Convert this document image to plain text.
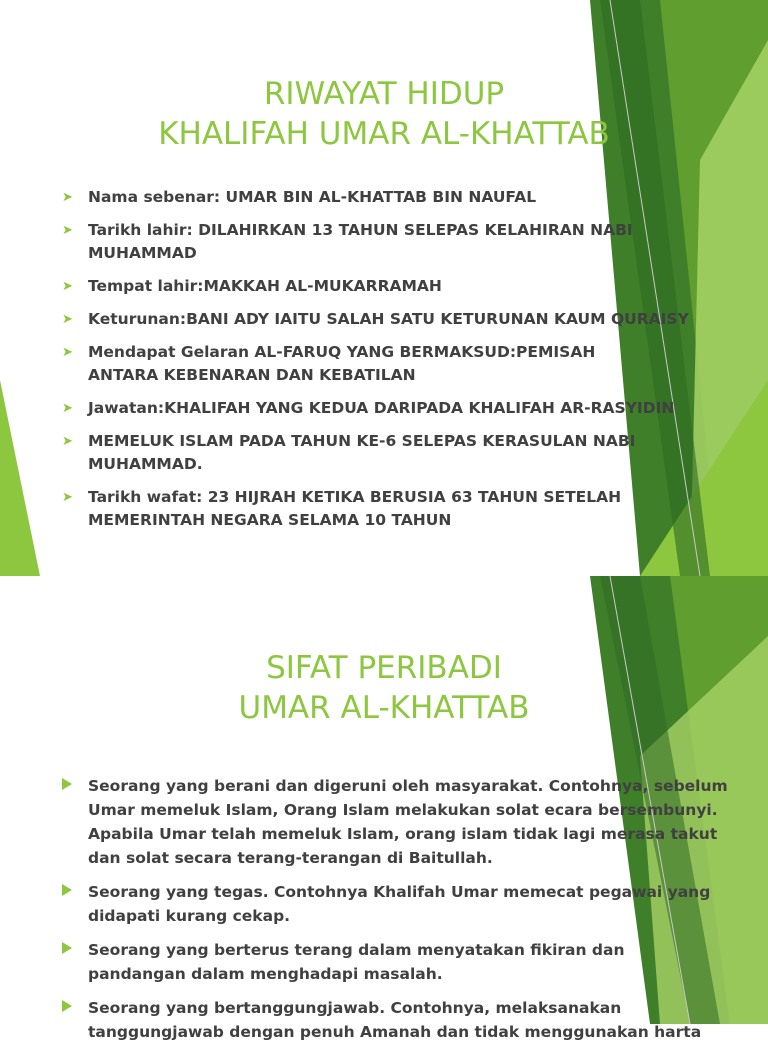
RIWAYAT HIDUP
KHALIFAH UMAR AL-KHATTAB
➤ Nama sebenar: UMAR BIN AL-KHATTAB BIN NAUFAL
➤ Tarikh lahir: DILAHIRKAN 13 TAHUN SELEPAS KELAHIRAN NABI MUHAMMAD
➤ Tempat lahir:MAKKAH AL-MUKARRAMAH
➤ Keturunan:BANI ADY IAITU SALAH SATU KETURUNAN KAUM QURAISY
➤ Mendapat Gelaran AL-FARUQ YANG BERMAKSUD:PEMISAH ANTARA KEBENARAN DAN KEBATILAN
➤ Jawatan:KHALIFAH YANG KEDUA DARIPADA KHALIFAH AR-RASYIDIN
➤ MEMELUK ISLAM PADA TAHUN KE-6 SELEPAS KERASULAN NABI MUHAMMAD.
➤ Tarikh wafat: 23 HIJRAH KETIKA BERUSIA 63 TAHUN SETELAH MEMERINTAH NEGARA SELAMA 10 TAHUN
SIFAT PERIBADI
UMAR AL-KHATTAB
Seorang yang berani dan digeruni oleh masyarakat. Contohnya, sebelum Umar memeluk Islam, Orang Islam melakukan solat ecara bersembunyi. Apabila Umar telah memeluk Islam, orang islam tidak lagi merasa takut dan solat secara terang-terangan di Baitullah.
Seorang yang tegas. Contohnya Khalifah Umar memecat pegawai yang didapati kurang cekap.
Seorang yang berterus terang dalam menyatakan fikiran dan pandangan dalam menghadapi masalah.
Seorang yang bertanggungjawab. Contohnya, melaksanakan tanggungjawab dengan penuh Amanah dan tidak menggunakan harta
